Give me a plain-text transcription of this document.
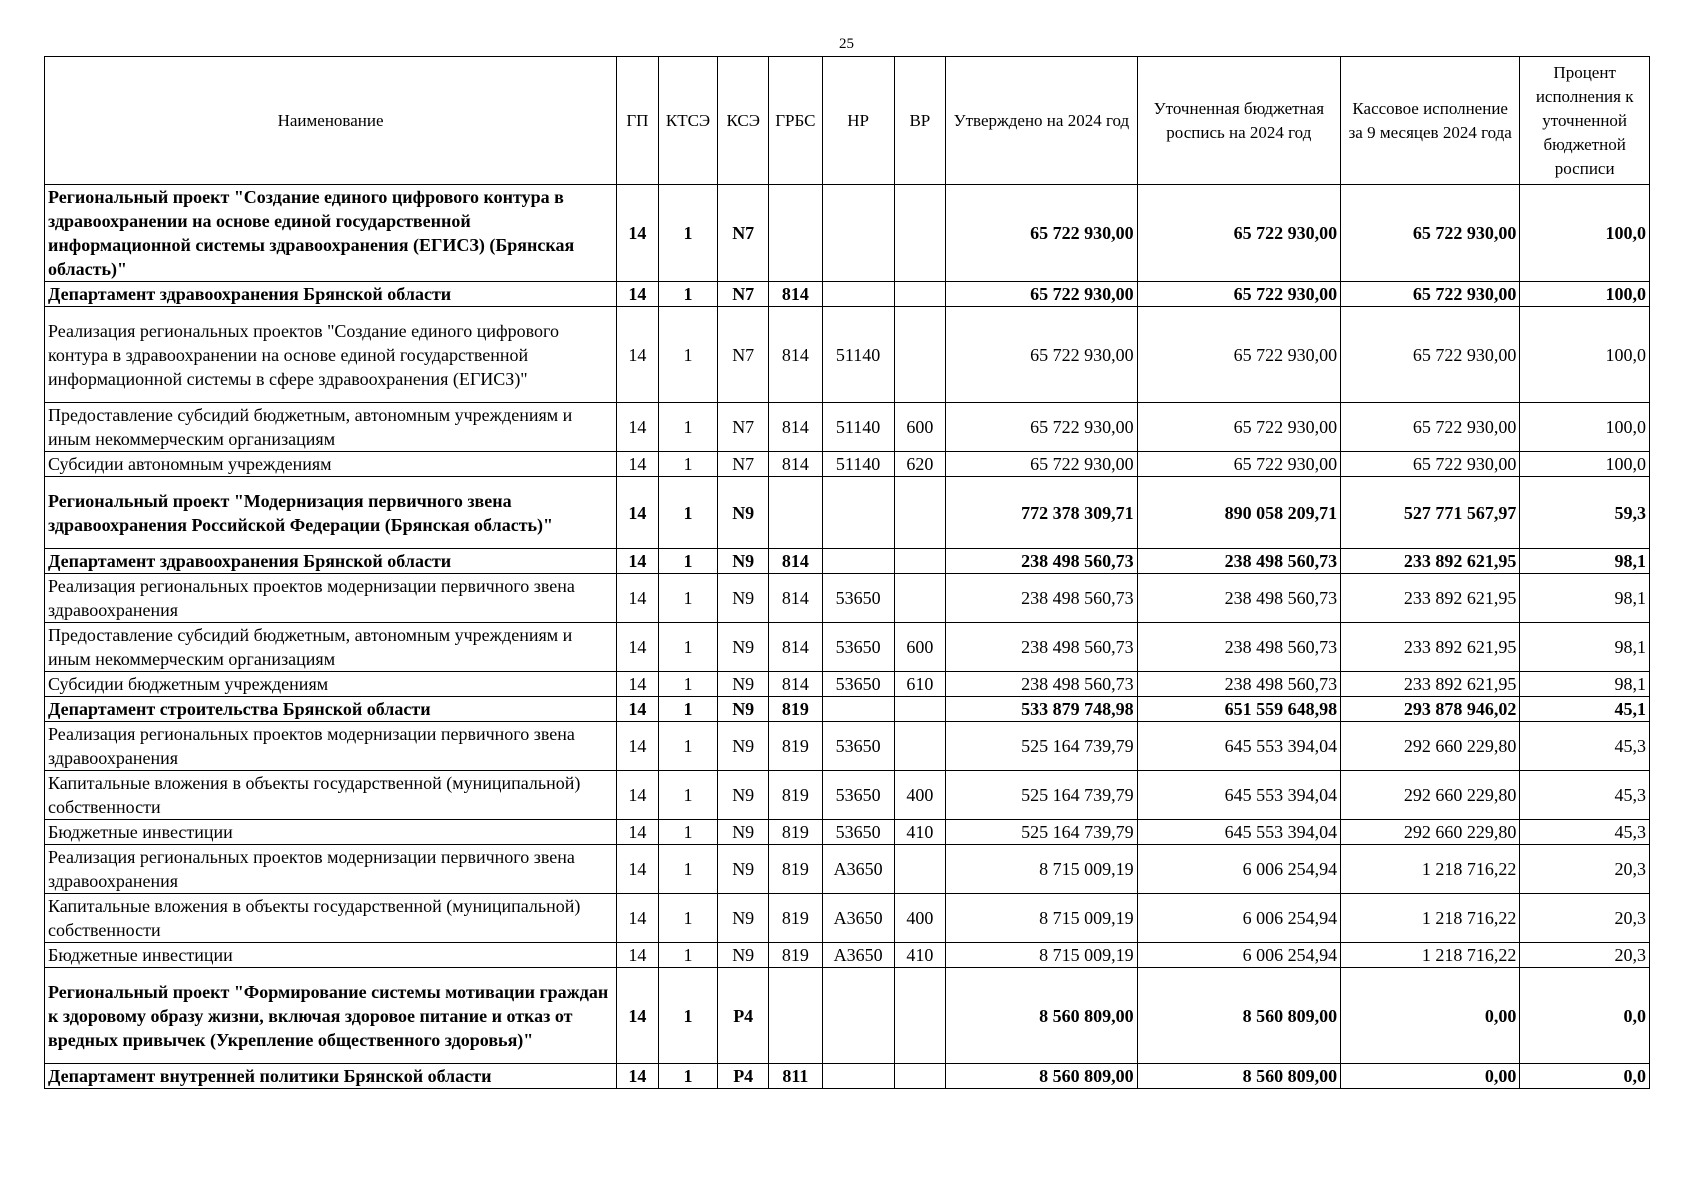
25
Наименование	ГП	КТСЭ	КСЭ	ГРБС	НР	ВР	Утверждено на 2024 год	Уточненная бюджетная роспись на 2024 год	Кассовое исполнение за 9 месяцев 2024 года	Процент исполнения к уточненной бюджетной росписи
Региональный проект "Создание единого цифрового контура в здравоохранении на основе единой государственной информационной системы здравоохранения (ЕГИСЗ) (Брянская область)"	14	1	N7				65 722 930,00	65 722 930,00	65 722 930,00	100,0
Департамент здравоохранения Брянской области	14	1	N7	814			65 722 930,00	65 722 930,00	65 722 930,00	100,0
Реализация региональных проектов "Создание единого цифрового контура в здравоохранении на основе единой государственной информационной системы в сфере здравоохранения (ЕГИСЗ)"	14	1	N7	814	51140		65 722 930,00	65 722 930,00	65 722 930,00	100,0
Предоставление субсидий бюджетным, автономным учреждениям и иным некоммерческим организациям	14	1	N7	814	51140	600	65 722 930,00	65 722 930,00	65 722 930,00	100,0
Субсидии автономным учреждениям	14	1	N7	814	51140	620	65 722 930,00	65 722 930,00	65 722 930,00	100,0
Региональный проект "Модернизация первичного звена здравоохранения Российской Федерации (Брянская область)"	14	1	N9				772 378 309,71	890 058 209,71	527 771 567,97	59,3
Департамент здравоохранения Брянской области	14	1	N9	814			238 498 560,73	238 498 560,73	233 892 621,95	98,1
Реализация региональных проектов модернизации первичного звена здравоохранения	14	1	N9	814	53650		238 498 560,73	238 498 560,73	233 892 621,95	98,1
Предоставление субсидий бюджетным, автономным учреждениям и иным некоммерческим организациям	14	1	N9	814	53650	600	238 498 560,73	238 498 560,73	233 892 621,95	98,1
Субсидии бюджетным учреждениям	14	1	N9	814	53650	610	238 498 560,73	238 498 560,73	233 892 621,95	98,1
Департамент строительства Брянской области	14	1	N9	819			533 879 748,98	651 559 648,98	293 878 946,02	45,1
Реализация региональных проектов модернизации первичного звена здравоохранения	14	1	N9	819	53650		525 164 739,79	645 553 394,04	292 660 229,80	45,3
Капитальные вложения в объекты государственной (муниципальной) собственности	14	1	N9	819	53650	400	525 164 739,79	645 553 394,04	292 660 229,80	45,3
Бюджетные инвестиции	14	1	N9	819	53650	410	525 164 739,79	645 553 394,04	292 660 229,80	45,3
Реализация региональных проектов модернизации первичного звена здравоохранения	14	1	N9	819	А3650		8 715 009,19	6 006 254,94	1 218 716,22	20,3
Капитальные вложения в объекты государственной (муниципальной) собственности	14	1	N9	819	А3650	400	8 715 009,19	6 006 254,94	1 218 716,22	20,3
Бюджетные инвестиции	14	1	N9	819	А3650	410	8 715 009,19	6 006 254,94	1 218 716,22	20,3
Региональный проект "Формирование системы мотивации граждан к здоровому образу жизни, включая здоровое питание и отказ от вредных привычек (Укрепление общественного здоровья)"	14	1	Р4				8 560 809,00	8 560 809,00	0,00	0,0
Департамент внутренней политики Брянской области	14	1	Р4	811			8 560 809,00	8 560 809,00	0,00	0,0
